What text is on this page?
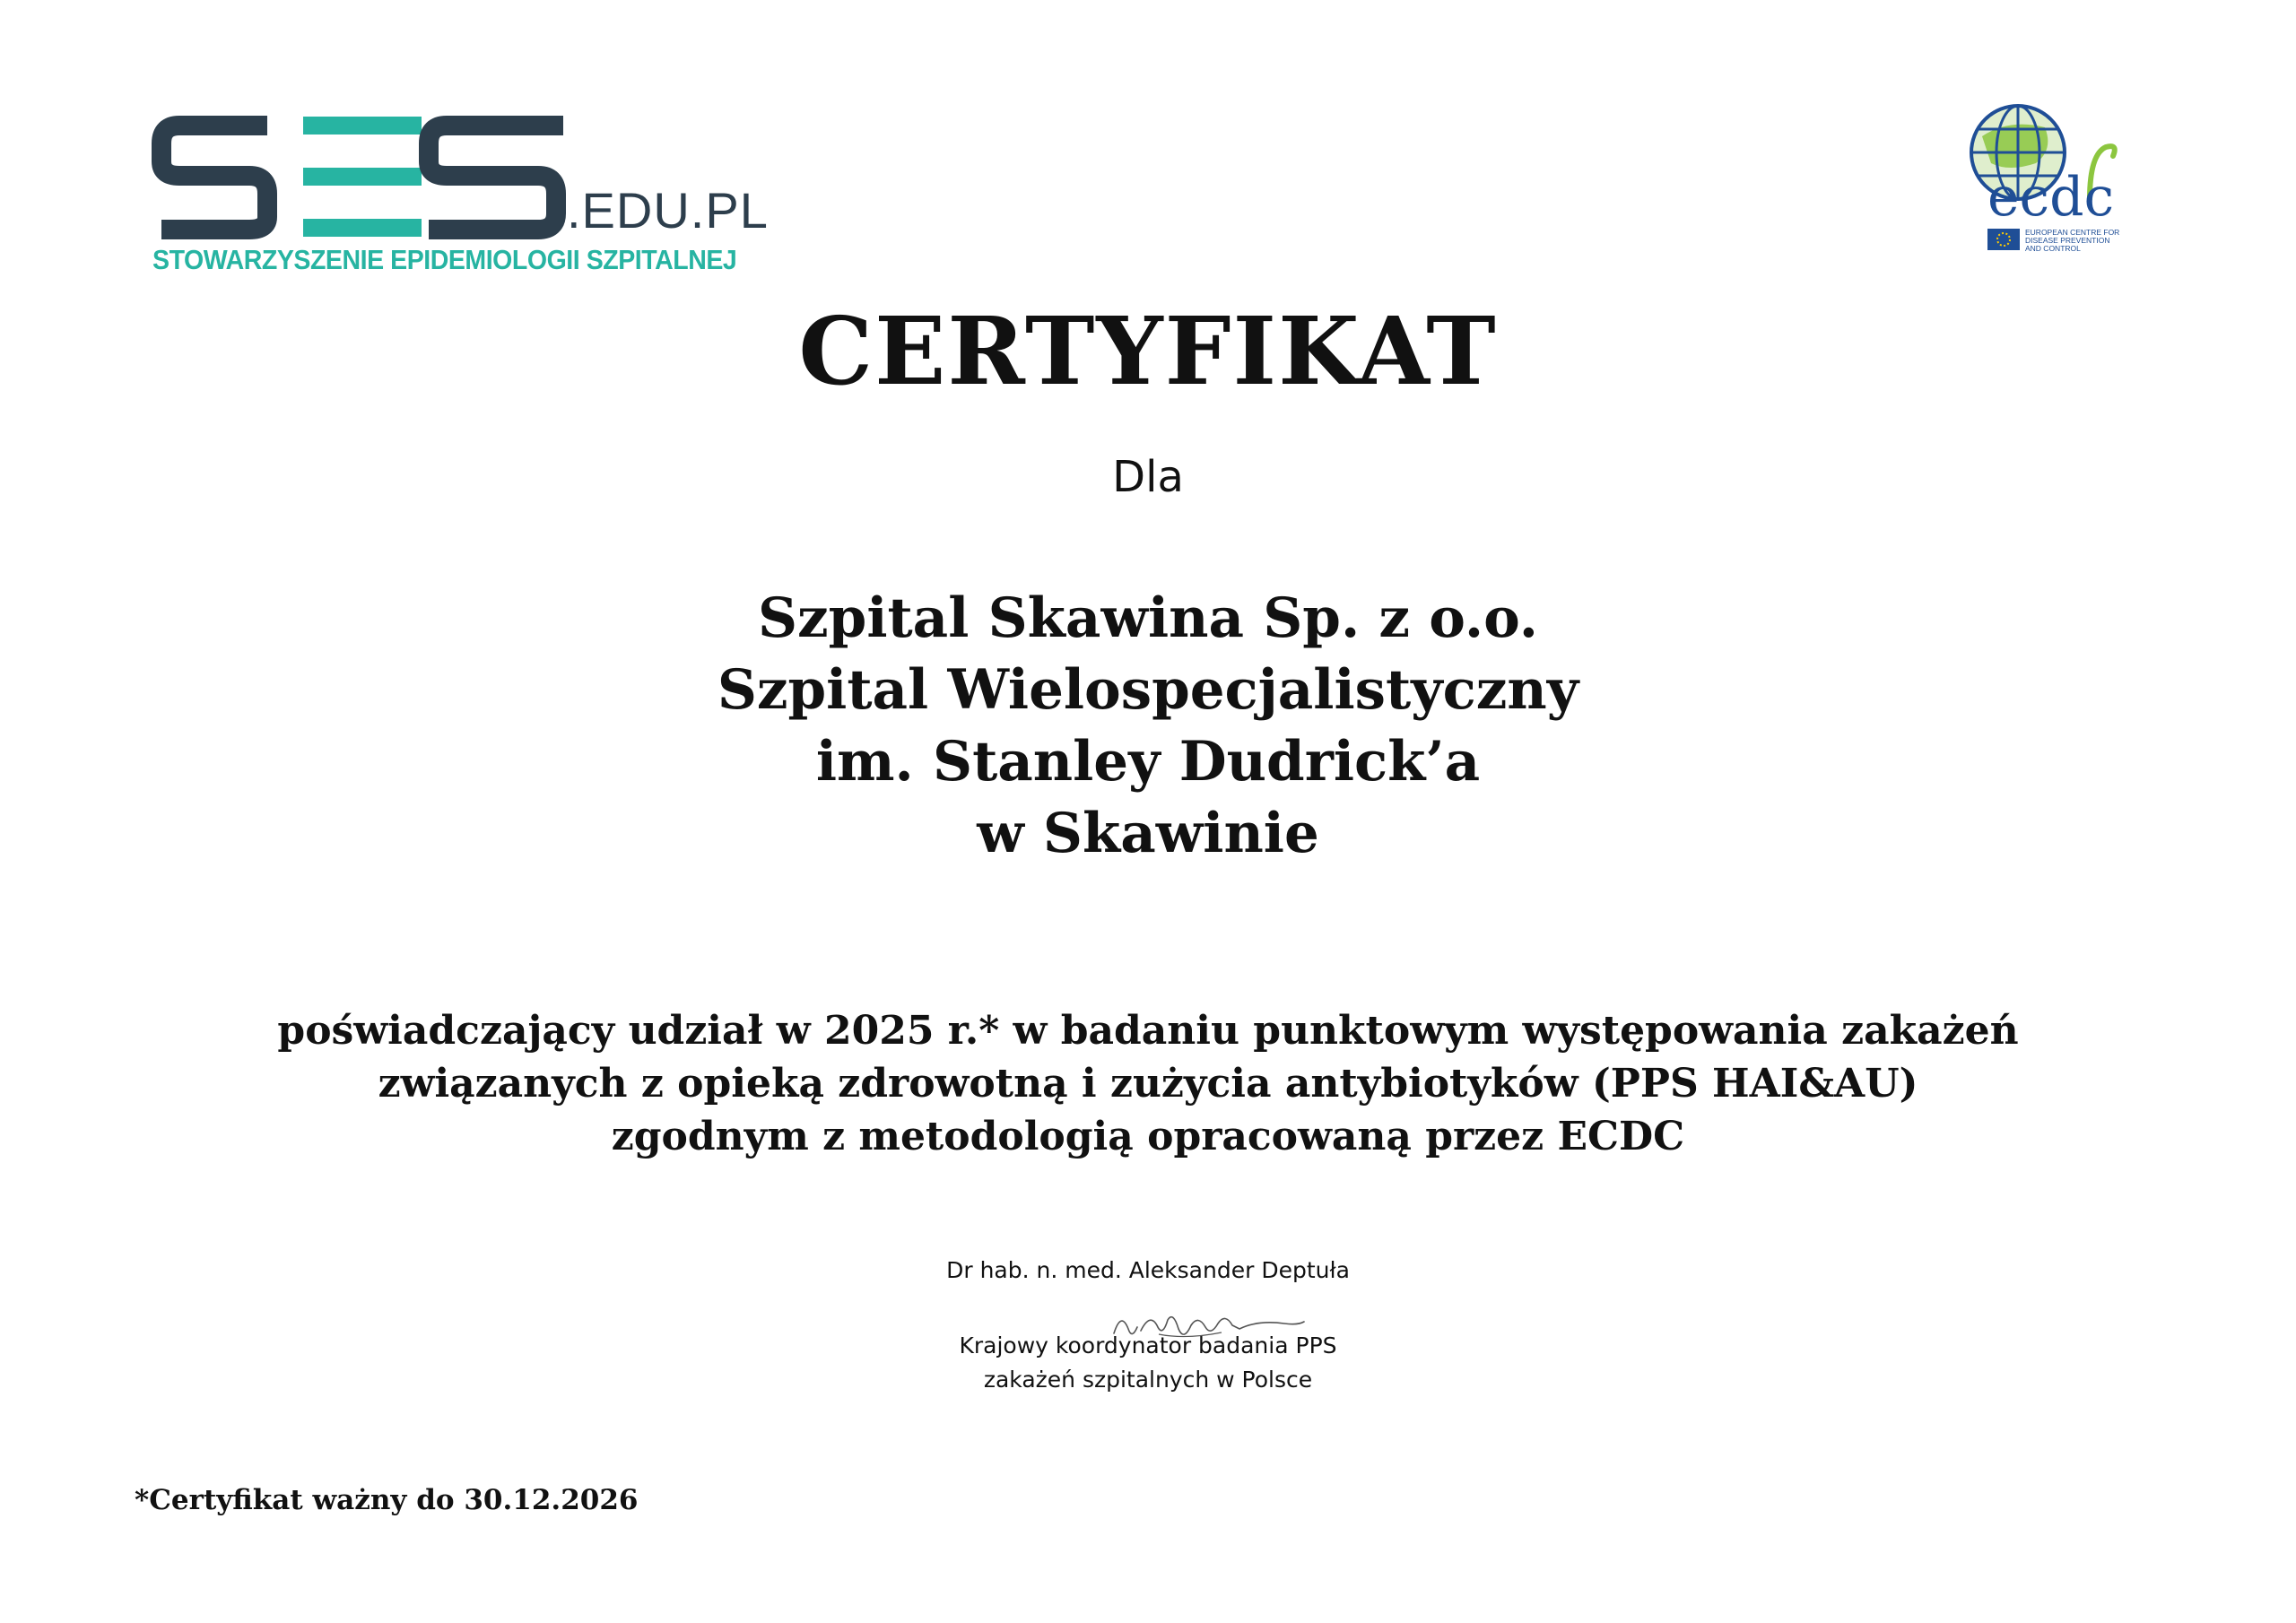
.EDU.PL
STOWARZYSZENIE EPIDEMIOLOGII SZPITALNEJ
ecdc
EUROPEAN CENTRE FOR
DISEASE PREVENTION
AND CONTROL
CERTYFIKAT
Dla
Szpital Skawina Sp. z o.o.
Szpital Wielospecjalistyczny
im. Stanley Dudrick’a
w Skawinie
poświadczający udział w 2025 r.* w badaniu punktowym występowania zakażeń
związanych z opieką zdrowotną i zużycia antybiotyków (PPS HAI&AU)
zgodnym z metodologią opracowaną przez ECDC
Dr hab. n. med. Aleksander Deptuła
Krajowy koordynator badania PPS
zakażeń szpitalnych w Polsce
*Certyfikat ważny do 30.12.2026
